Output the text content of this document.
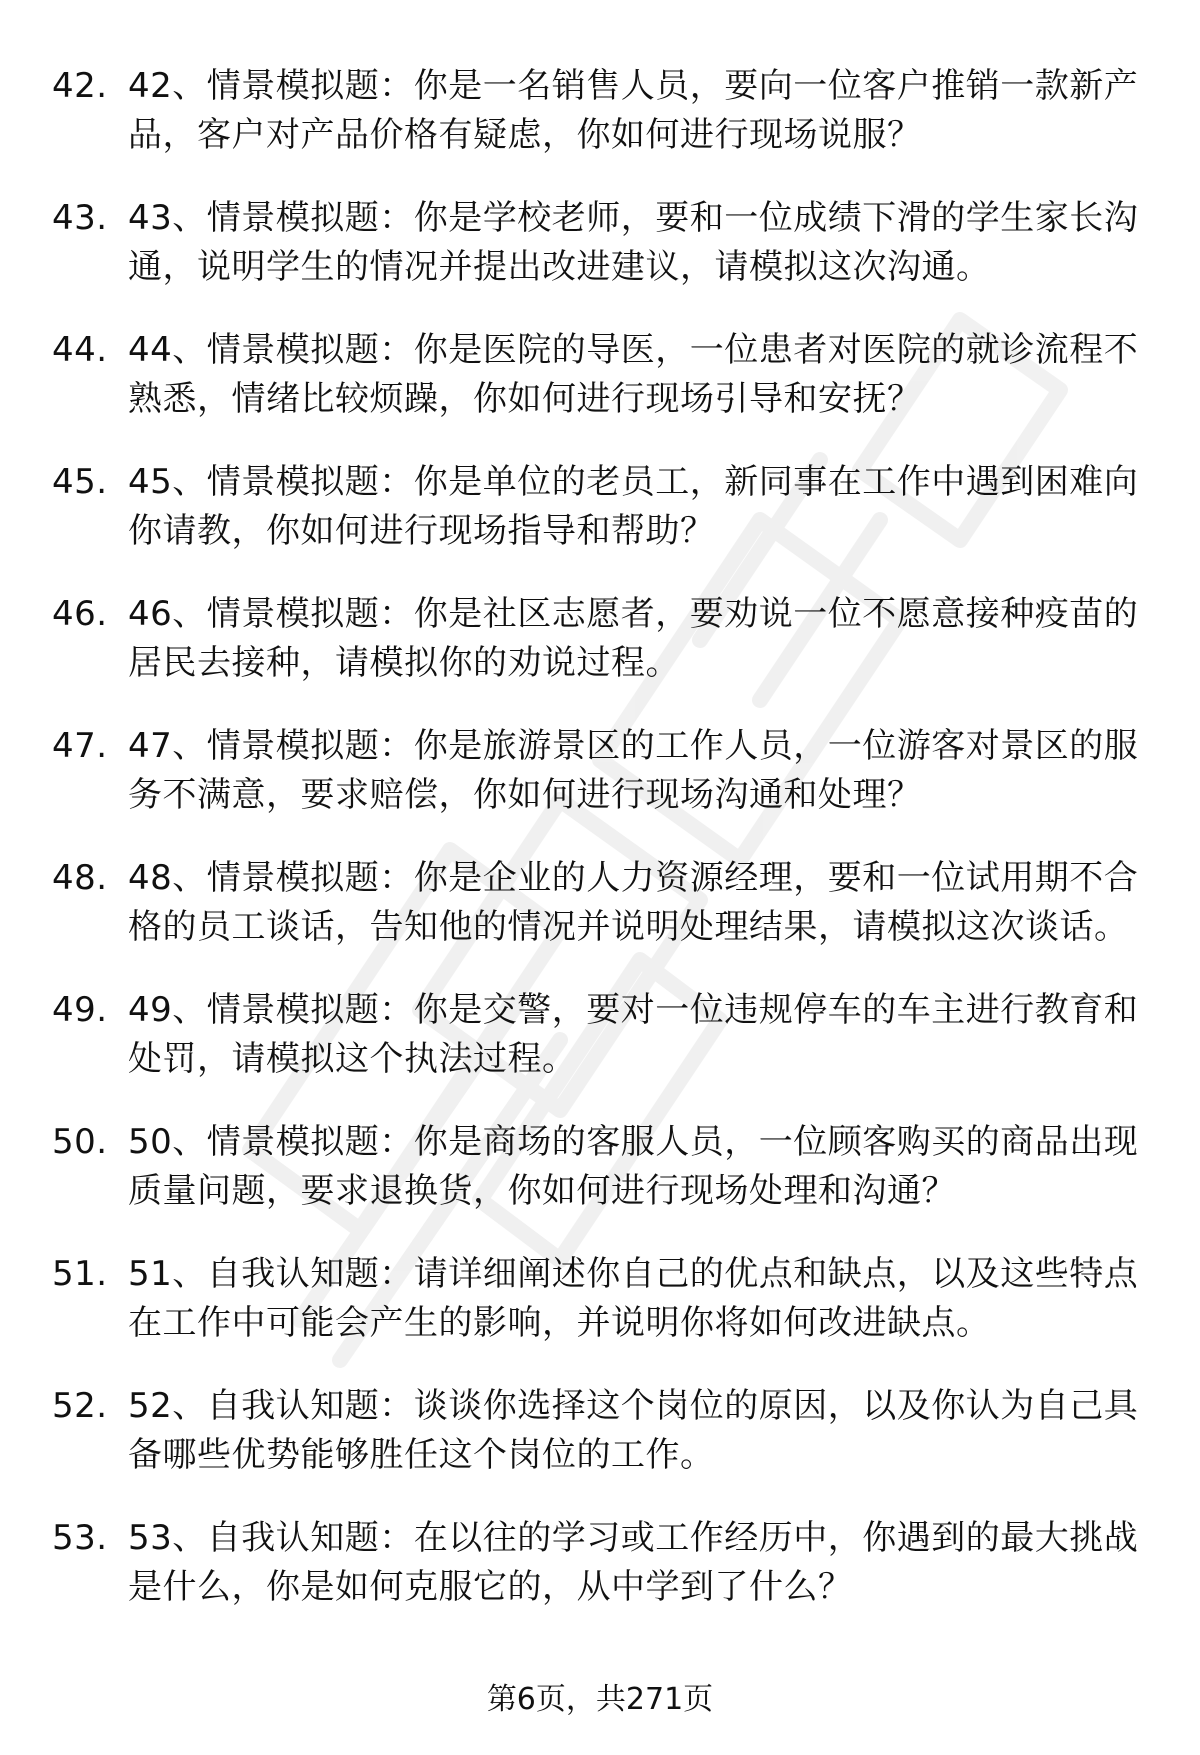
42. 42、情景模拟题：你是一名销售人员，要向一位客户推销一款新产品，客户对产品价格有疑虑，你如何进行现场说服？
43. 43、情景模拟题：你是学校老师，要和一位成绩下滑的学生家长沟通，说明学生的情况并提出改进建议，请模拟这次沟通。
44. 44、情景模拟题：你是医院的导医，一位患者对医院的就诊流程不熟悉，情绪比较烦躁，你如何进行现场引导和安抚？
45. 45、情景模拟题：你是单位的老员工，新同事在工作中遇到困难向你请教，你如何进行现场指导和帮助？
46. 46、情景模拟题：你是社区志愿者，要劝说一位不愿意接种疫苗的居民去接种，请模拟你的劝说过程。
47. 47、情景模拟题：你是旅游景区的工作人员，一位游客对景区的服务不满意，要求赔偿，你如何进行现场沟通和处理？
48. 48、情景模拟题：你是企业的人力资源经理，要和一位试用期不合格的员工谈话，告知他的情况并说明处理结果，请模拟这次谈话。
49. 49、情景模拟题：你是交警，要对一位违规停车的车主进行教育和处罚，请模拟这个执法过程。
50. 50、情景模拟题：你是商场的客服人员，一位顾客购买的商品出现质量问题，要求退换货，你如何进行现场处理和沟通？
51. 51、自我认知题：请详细阐述你自己的优点和缺点，以及这些特点在工作中可能会产生的影响，并说明你将如何改进缺点。
52. 52、自我认知题：谈谈你选择这个岗位的原因，以及你认为自己具备哪些优势能够胜任这个岗位的工作。
53. 53、自我认知题：在以往的学习或工作经历中，你遇到的最大挑战是什么，你是如何克服它的，从中学到了什么？
第6页，共271页
